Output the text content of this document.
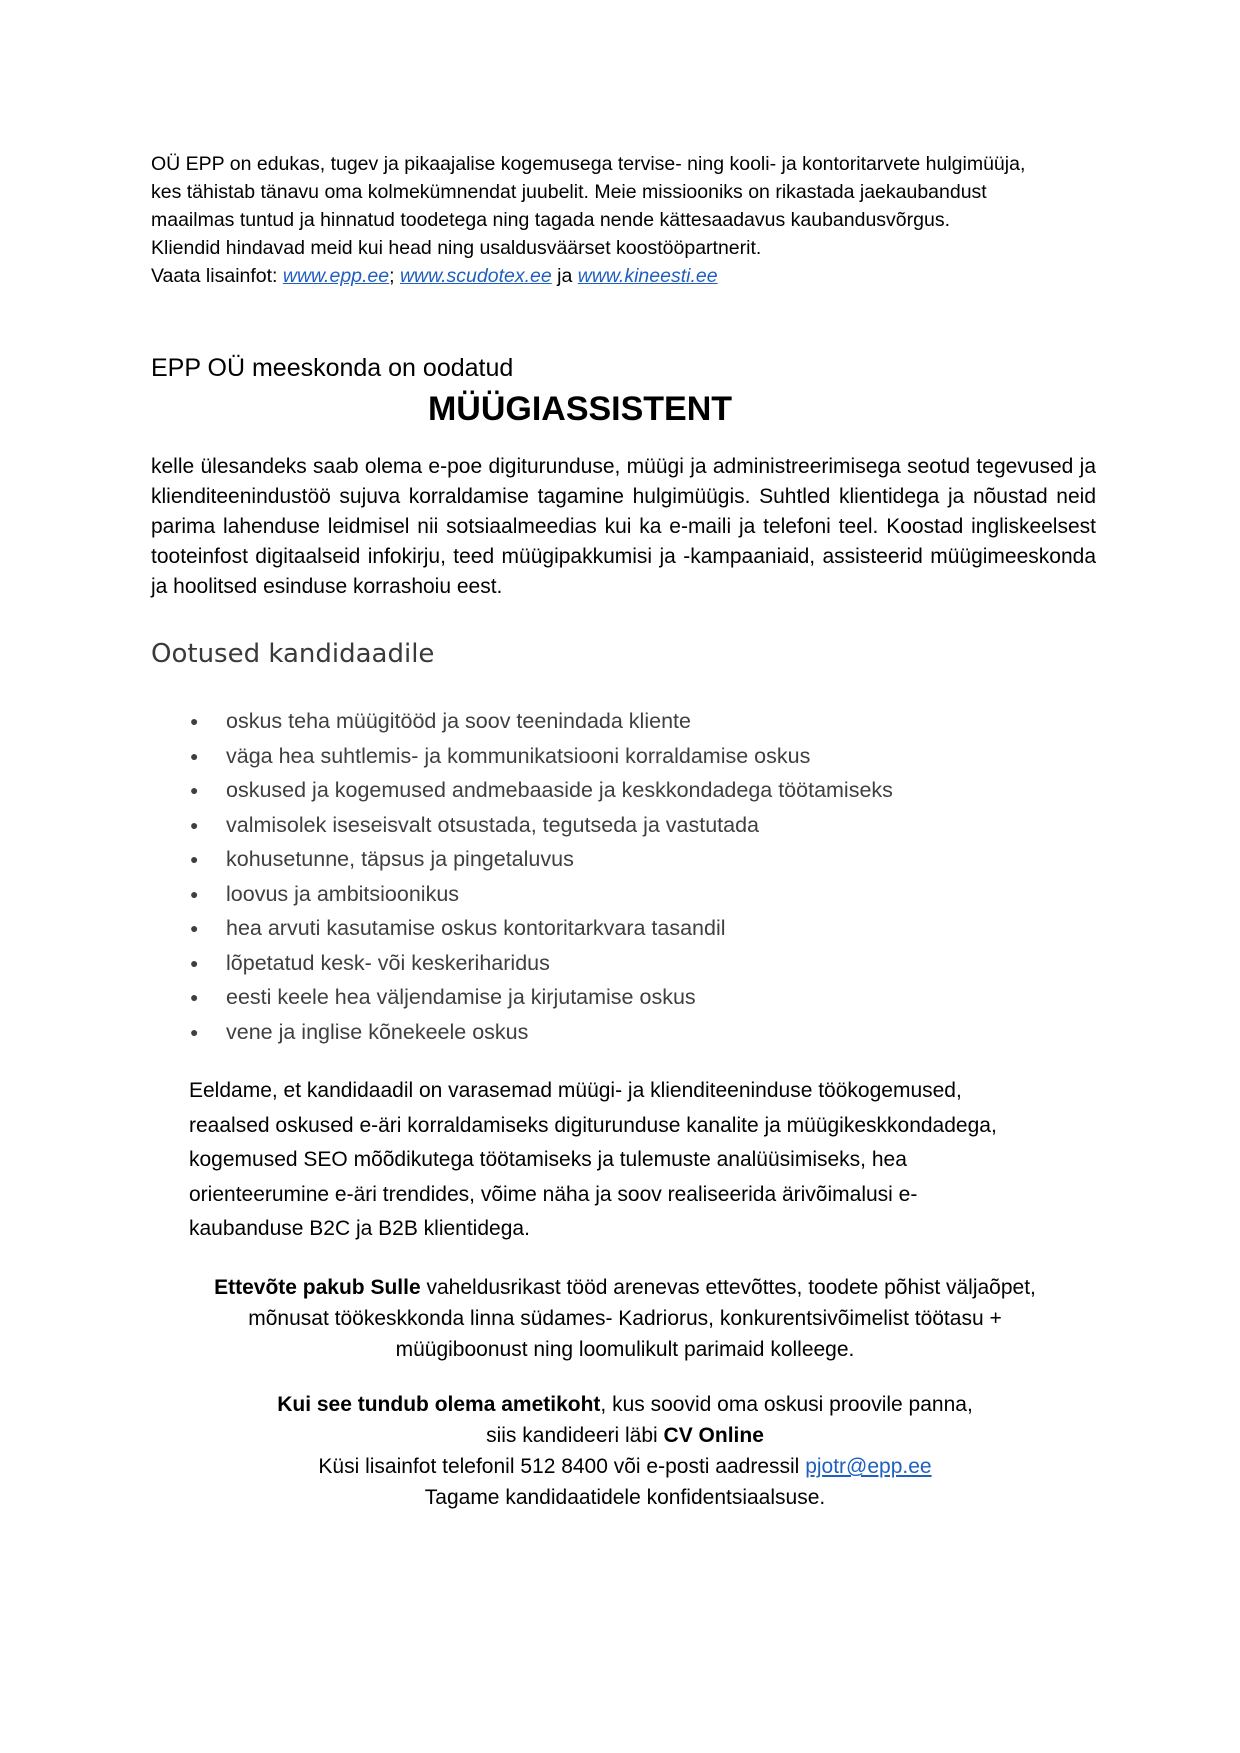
OÜ EPP on edukas, tugev ja pikaajalise kogemusega tervise- ning kooli- ja kontoritarvete hulgimüüja,

kes tähistab tänavu oma kolmekümnendat juubelit. Meie missiooniks on rikastada jaekaubandust

maailmas tuntud ja hinnatud toodetega ning tagada nende kättesaadavus kaubandusvõrgus.

Kliendid hindavad meid kui head ning usaldusväärset koostööpartnerit.

Vaata lisainfot: www.epp.ee; www.scudotex.ee ja www.kineesti.ee

EPP OÜ meeskonda on oodatud
MÜÜGIASSISTENT
kelle ülesandeks saab olema e-poe digiturunduse, müügi ja administreerimisega seotud tegevused ja klienditeenindustöö sujuva korraldamise tagamine hulgimüügis. Suhtled klientidega ja nõustad neid parima lahenduse leidmisel nii sotsiaalmeedias kui ka e-maili ja telefoni teel. Koostad ingliskeelsest tooteinfost digitaalseid infokirju, teed müügipakkumisi ja -kampaaniaid, assisteerid müügimeeskonda ja hoolitsed esinduse korrashoiu eest.
Ootused kandidaadile
● oskus teha müügitööd ja soov teenindada kliente
● väga hea suhtlemis- ja kommunikatsiooni korraldamise oskus
● oskused ja kogemused andmebaaside ja keskkondadega töötamiseks
● valmisolek iseseisvalt otsustada, tegutseda ja vastutada
● kohusetunne, täpsus ja pingetaluvus
● loovus ja ambitsioonikus
● hea arvuti kasutamise oskus kontoritarkvara tasandil
● lõpetatud kesk- või keskeriharidus
● eesti keele hea väljendamise ja kirjutamise oskus
● vene ja inglise kõnekeele oskus
Eeldame, et kandidaadil on varasemad müügi- ja klienditeeninduse töökogemused,
reaalsed oskused e-äri korraldamiseks digiturunduse kanalite ja müügikeskkondadega,
kogemused SEO mõõdikutega töötamiseks ja tulemuste analüüsimiseks, hea
orienteerumine e-äri trendides, võime näha ja soov realiseerida ärivõimalusi e-
kaubanduse B2C ja B2B klientidega.
Ettevõte pakub Sulle vaheldusrikast tööd arenevas ettevõttes, toodete põhist väljaõpet,
mõnusat töökeskkonda linna südames- Kadriorus, konkurentsivõimelist töötasu +
müügiboonust ning loomulikult parimaid kolleege.
Kui see tundub olema ametikoht, kus soovid oma oskusi proovile panna,
siis kandideeri läbi CV Online
Küsi lisainfot telefonil 512 8400 või e-posti aadressil pjotr@epp.ee
Tagame kandidaatidele konfidentsiaalsuse.
